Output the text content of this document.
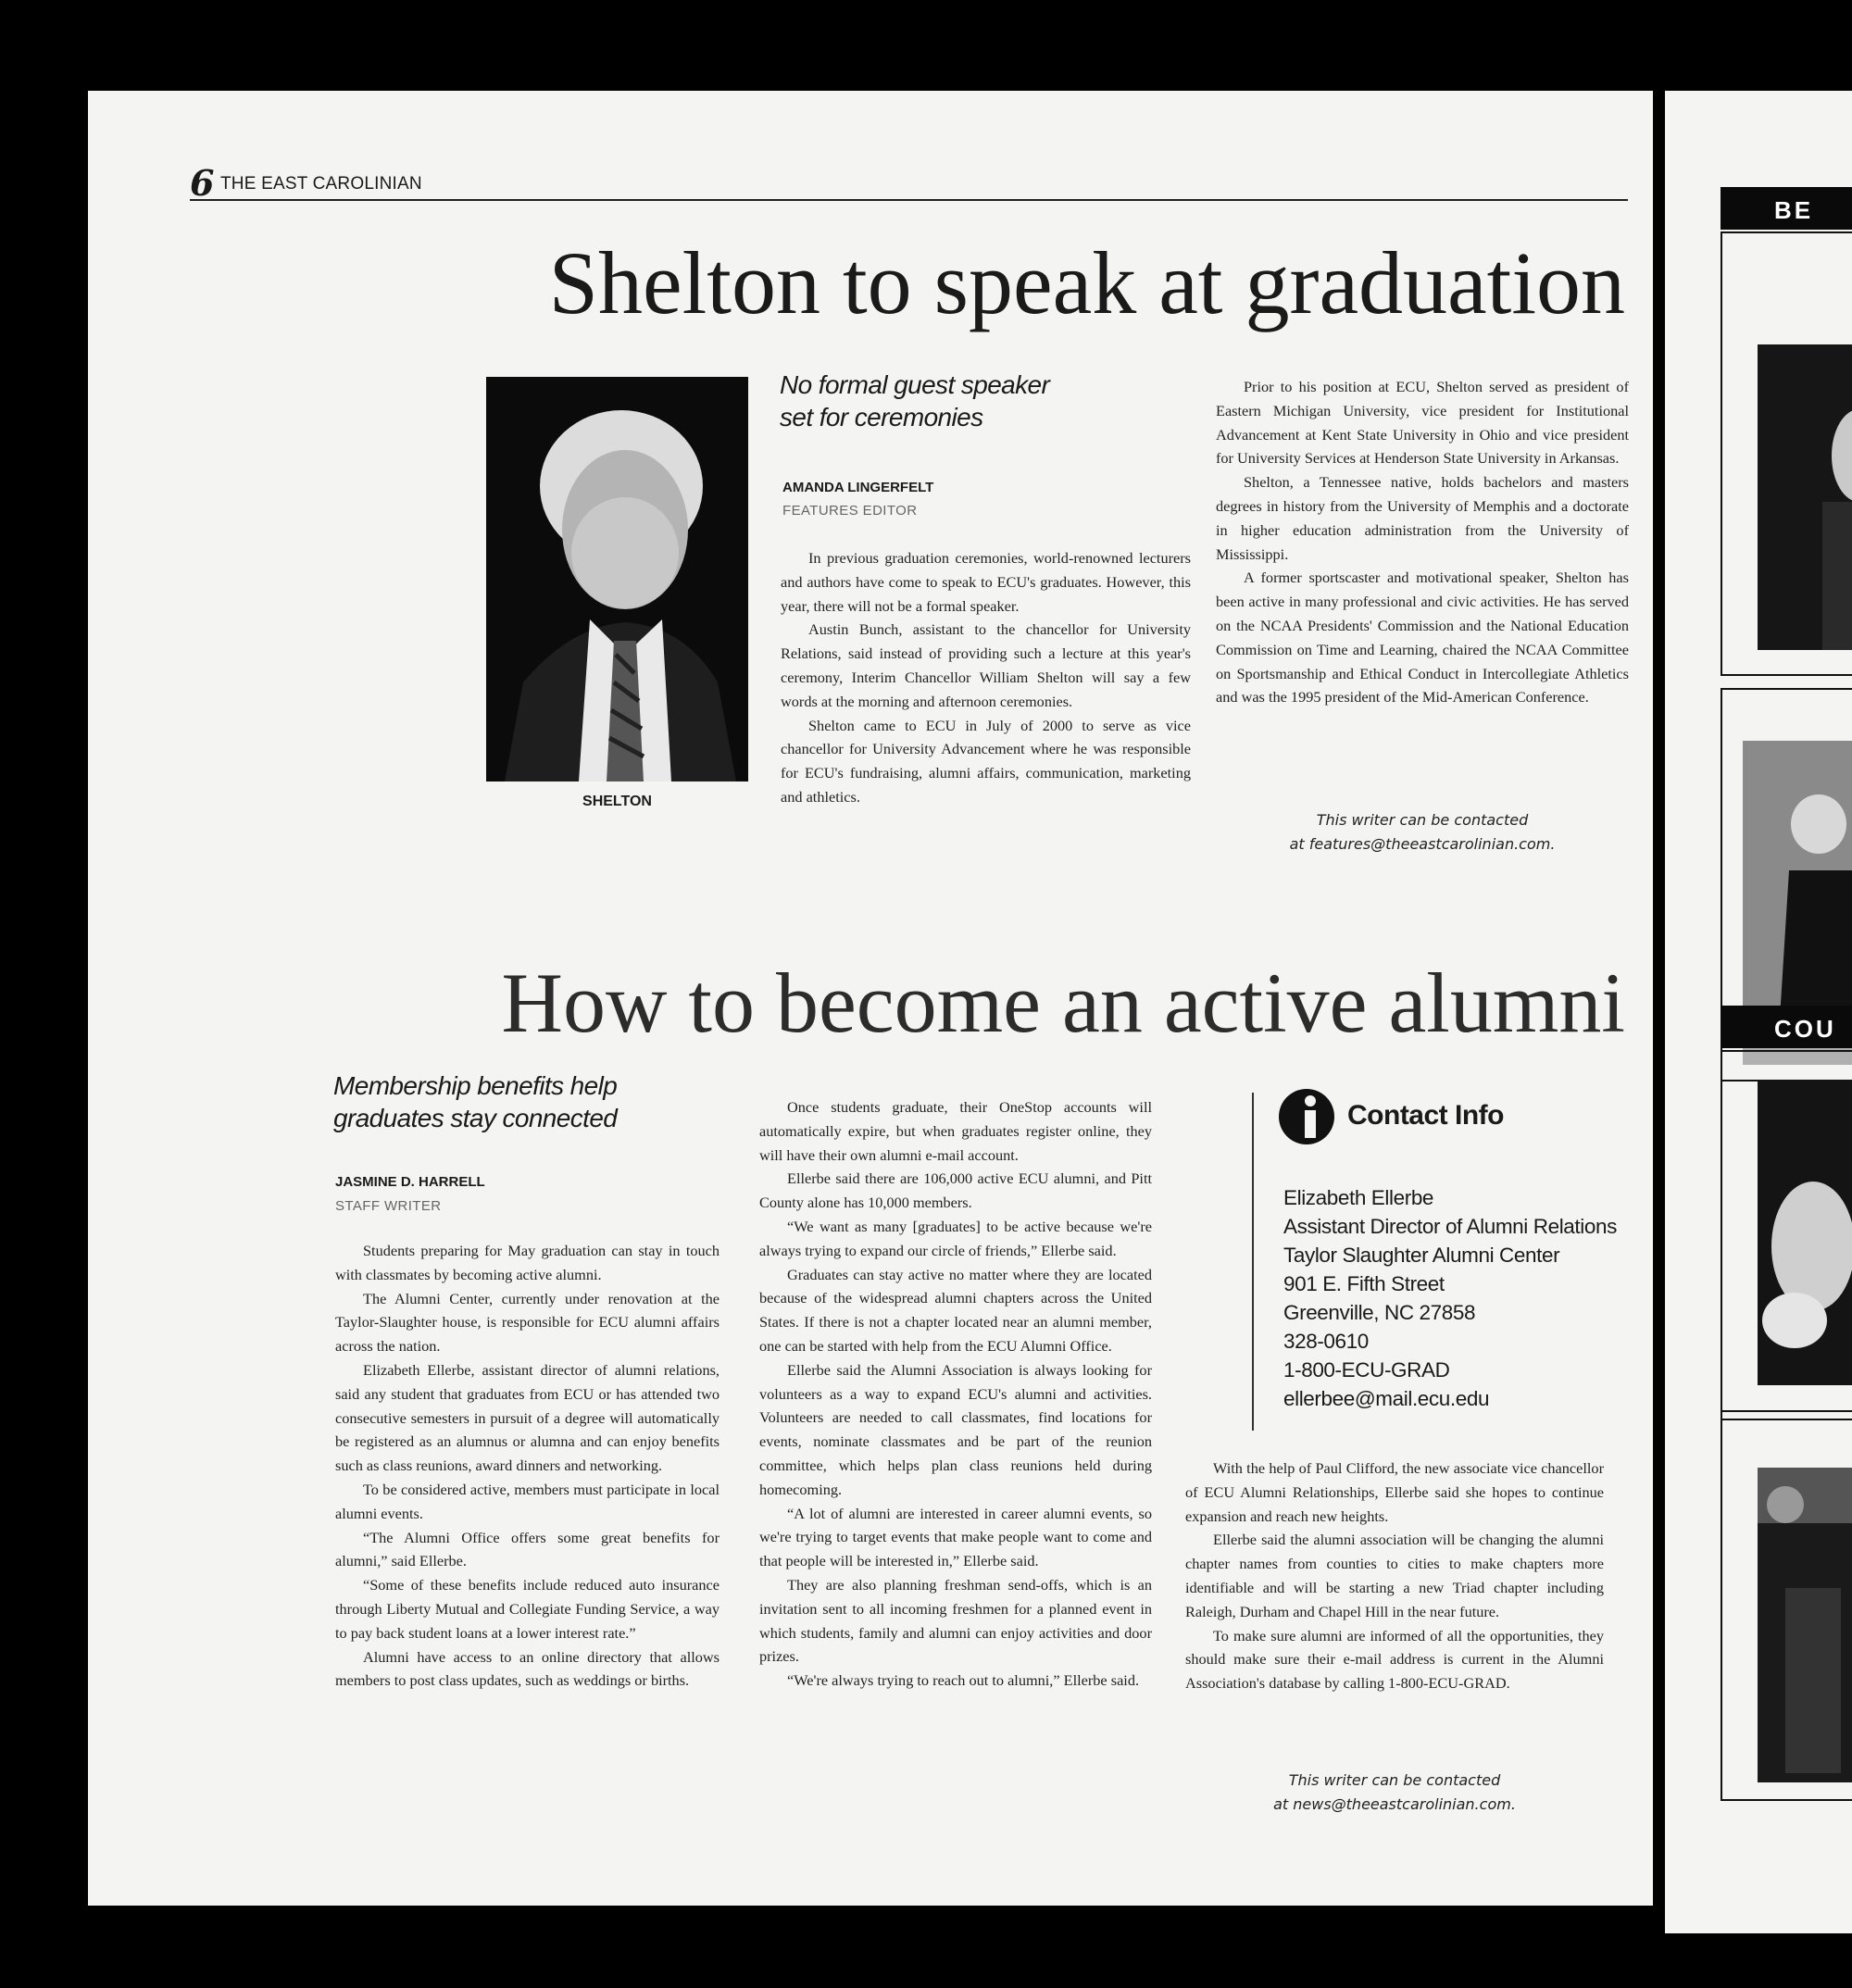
BE
COU
6 THE EAST CAROLINIAN
Shelton to speak at graduation
SHELTON
No formal guest speaker
set for ceremonies
AMANDA LINGERFELT
FEATURES EDITOR

In previous graduation ceremonies, world-renowned lecturers and authors have come to speak to ECU's graduates. However, this year, there will not be a formal speaker.

Austin Bunch, assistant to the chancellor for University Relations, said instead of providing such a lecture at this year's ceremony, Interim Chancellor William Shelton will say a few words at the morning and afternoon ceremonies.

Shelton came to ECU in July of 2000 to serve as vice chancellor for University Advancement where he was responsible for ECU's fundraising, alumni affairs, communication, marketing and athletics.

Prior to his position at ECU, Shelton served as president of Eastern Michigan University, vice president for Institutional Advancement at Kent State University in Ohio and vice president for University Services at Henderson State University in Arkansas.

Shelton, a Tennessee native, holds bachelors and masters degrees in history from the University of Memphis and a doctorate in higher education administration from the University of Mississippi.

A former sportscaster and motivational speaker, Shelton has been active in many professional and civic activities. He has served on the NCAA Presidents' Commission and the National Education Commission on Time and Learning, chaired the NCAA Committee on Sportsmanship and Ethical Conduct in Intercollegiate Athletics and was the 1995 president of the Mid-American Conference.

This writer can be contacted
at features@theeastcarolinian.com.
How to become an active alumni
Membership benefits help
graduates stay connected
JASMINE D. HARRELL
STAFF WRITER

Students preparing for May graduation can stay in touch with classmates by becoming active alumni.

The Alumni Center, currently under renovation at the Taylor-Slaughter house, is responsible for ECU alumni affairs across the nation.

Elizabeth Ellerbe, assistant director of alumni relations, said any student that graduates from ECU or has attended two consecutive semesters in pursuit of a degree will automatically be registered as an alumnus or alumna and can enjoy benefits such as class reunions, award dinners and networking.

To be considered active, members must participate in local alumni events.

“The Alumni Office offers some great benefits for alumni,” said Ellerbe.

“Some of these benefits include reduced auto insurance through Liberty Mutual and Collegiate Funding Service, a way to pay back student loans at a lower interest rate.”

Alumni have access to an online directory that allows members to post class updates, such as weddings or births.

Once students graduate, their OneStop accounts will automatically expire, but when graduates register online, they will have their own alumni e-mail account.

Ellerbe said there are 106,000 active ECU alumni, and Pitt County alone has 10,000 members.

“We want as many [graduates] to be active because we're always trying to expand our circle of friends,” Ellerbe said.

Graduates can stay active no matter where they are located because of the widespread alumni chapters across the United States. If there is not a chapter located near an alumni member, one can be started with help from the ECU Alumni Office.

Ellerbe said the Alumni Association is always looking for volunteers as a way to expand ECU's alumni and activities. Volunteers are needed to call classmates, find locations for events, nominate classmates and be part of the reunion committee, which helps plan class reunions held during homecoming.

“A lot of alumni are interested in career alumni events, so we're trying to target events that make people want to come and that people will be interested in,” Ellerbe said.

They are also planning freshman send-offs, which is an invitation sent to all incoming freshmen for a planned event in which students, family and alumni can enjoy activities and door prizes.

“We're always trying to reach out to alumni,” Ellerbe said.

Contact Info
Elizabeth Ellerbe
Assistant Director of Alumni Relations
Taylor Slaughter Alumni Center
901 E. Fifth Street
Greenville, NC 27858
328-0610
1-800-ECU-GRAD
ellerbee@mail.ecu.edu

With the help of Paul Clifford, the new associate vice chancellor of ECU Alumni Relationships, Ellerbe said she hopes to continue expansion and reach new heights.

Ellerbe said the alumni association will be changing the alumni chapter names from counties to cities to make chapters more identifiable and will be starting a new Triad chapter including Raleigh, Durham and Chapel Hill in the near future.

To make sure alumni are informed of all the opportunities, they should make sure their e-mail address is current in the Alumni Association's database by calling 1-800-ECU-GRAD.

This writer can be contacted
at news@theeastcarolinian.com.
